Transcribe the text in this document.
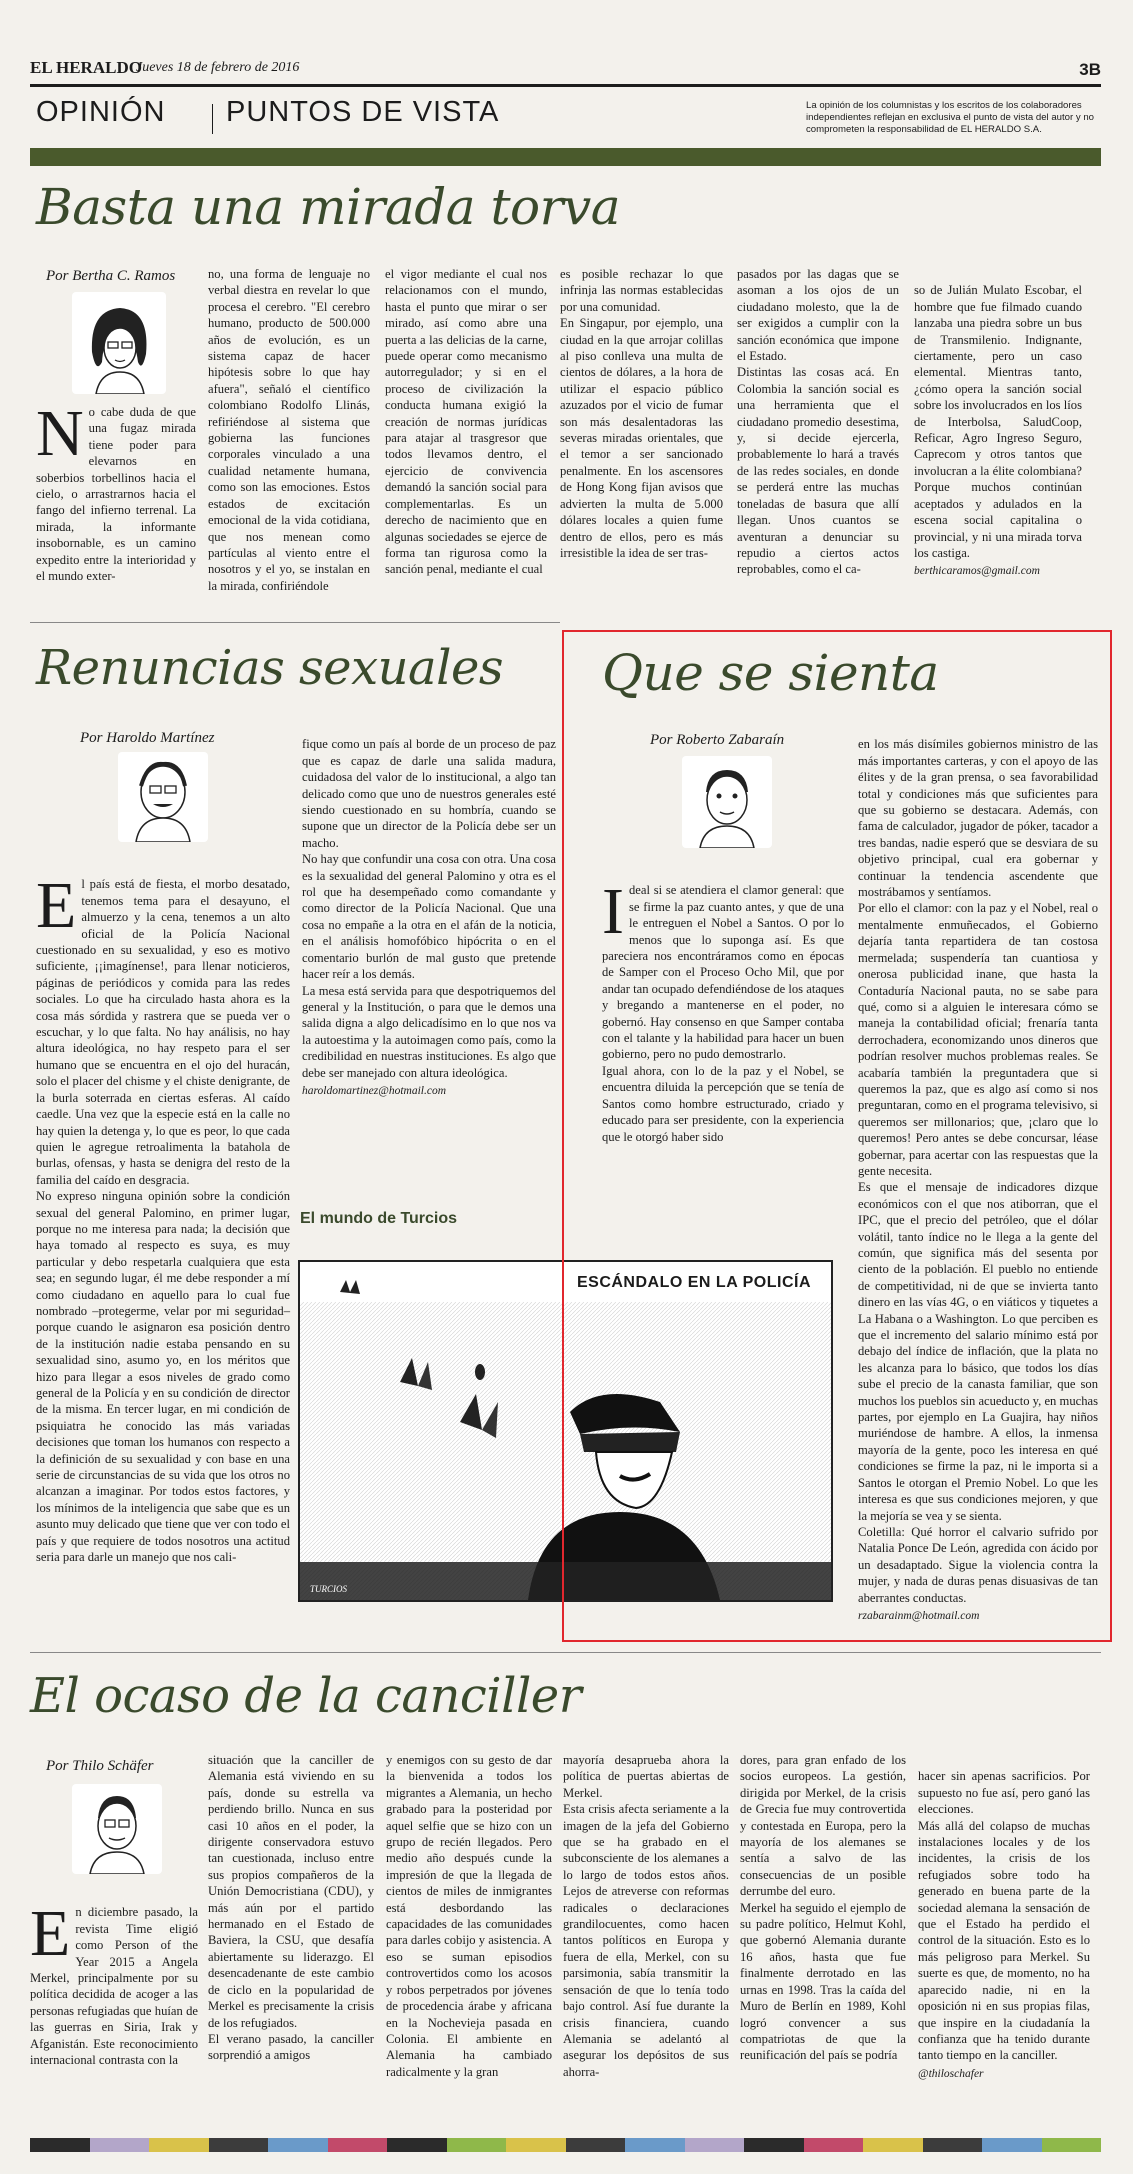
EL HERALDO
Jueves 18 de febrero de 2016	3B
OPINIÓN PUNTOS DE VISTA	La opinión de los columnistas y los escritos de los colaboradores independientes reflejan en exclusiva el punto de vista del autor y no comprometen la responsabilidad de EL HERALDO S.A.
Basta una mirada torva
Por Bertha C. Ramos
No cabe duda de que una fugaz mirada tiene poder para elevarnos en soberbios torbellinos hacia el cielo, o arrastrarnos hacia el fango del infierno terrenal. La mirada, la informante insobornable, es un camino expedito entre la interioridad y el mundo exter-
no, una forma de lenguaje no verbal diestra en revelar lo que procesa el cerebro. "El cerebro humano, producto de 500.000 años de evolución, es un sistema capaz de hacer hipótesis sobre lo que hay afuera", señaló el científico colombiano Rodolfo Llinás, refiriéndose al sistema que gobierna las funciones corporales vinculado a una cualidad netamente humana, como son las emociones. Estos estados de excitación emocional de la vida cotidiana, que nos menean como partículas al viento entre el nosotros y el yo, se instalan en la mirada, confiriéndole
el vigor mediante el cual nos relacionamos con el mundo, hasta el punto que mirar o ser mirado, así como abre una puerta a las delicias de la carne, puede operar como mecanismo autorregulador; y si en el proceso de civilización la conducta humana exigió la creación de normas jurídicas para atajar al trasgresor que todos llevamos dentro, el ejercicio de convivencia demandó la sanción social para complementarlas. Es un derecho de nacimiento que en algunas sociedades se ejerce de forma tan rigurosa como la sanción penal, mediante el cual
es posible rechazar lo que infrinja las normas establecidas por una comunidad.
En Singapur, por ejemplo, una ciudad en la que arrojar colillas al piso conlleva una multa de cientos de dólares, a la hora de utilizar el espacio público azuzados por el vicio de fumar son más desalentadoras las severas miradas orientales, que el temor a ser sancionado penalmente. En los ascensores de Hong Kong fijan avisos que advierten la multa de 5.000 dólares locales a quien fume dentro de ellos, pero es más irresistible la idea de ser tras-
pasados por las dagas que se asoman a los ojos de un ciudadano molesto, que la de ser exigidos a cumplir con la sanción económica que impone el Estado.
Distintas las cosas acá. En Colombia la sanción social es una herramienta que el ciudadano promedio desestima, y, si decide ejercerla, probablemente lo hará a través de las redes sociales, en donde se perderá entre las muchas toneladas de basura que allí llegan. Unos cuantos se aventuran a denunciar su repudio a ciertos actos reprobables, como el ca-

so de Julián Mulato Escobar, el hombre que fue filmado cuando lanzaba una piedra sobre un bus de Transmilenio. Indignante, ciertamente, pero un caso elemental. Mientras tanto, ¿cómo opera la sanción social sobre los involucrados en los líos de Interbolsa, SaludCoop, Reficar, Agro Ingreso Seguro, Caprecom y otros tantos que involucran a la élite colombiana? Porque muchos continúan aceptados y adulados en la escena social capitalina o provincial, y ni una mirada torva los castiga.

berthicaramos@gmail.com

Renuncias sexuales
Por Haroldo Martínez

El país está de fiesta, el morbo desatado, tenemos tema para el desayuno, el almuerzo y la cena, tenemos a un alto oficial de la Policía Nacional cuestionado en su sexualidad, y eso es motivo suficiente, ¡¡imagínense!, para llenar noticieros, páginas de periódicos y comida para las redes sociales. Lo que ha circulado hasta ahora es la cosa más sórdida y rastrera que se pueda ver o escuchar, y lo que falta. No hay análisis, no hay altura ideológica, no hay respeto para el ser humano que se encuentra en el ojo del huracán, solo el placer del chisme y el chiste denigrante, de la burla soterrada en ciertas esferas. Al caído caedle. Una vez que la especie está en la calle no hay quien la detenga y, lo que es peor, lo que cada quien le agregue retroalimenta la batahola de burlas, ofensas, y hasta se denigra del resto de la familia del caído en desgracia.
No expreso ninguna opinión sobre la condición sexual del general Palomino, en primer lugar, porque no me interesa para nada; la decisión que haya tomado al respecto es suya, es muy particular y debo respetarla cualquiera que esta sea; en segundo lugar, él me debe responder a mí como ciudadano en aquello para lo cual fue nombrado –protegerme, velar por mi seguridad– porque cuando le asignaron esa posición dentro de la institución nadie estaba pensando en su sexualidad sino, asumo yo, en los méritos que hizo para llegar a esos niveles de grado como general de la Policía y en su condición de director de la misma. En tercer lugar, en mi condición de psiquiatra he conocido las más variadas decisiones que toman los humanos con respecto a la definición de su sexualidad y con base en una serie de circunstancias de su vida que los otros no alcanzan a imaginar. Por todos estos factores, y los mínimos de la inteligencia que sabe que es un asunto muy delicado que tiene que ver con todo el país y que requiere de todos nosotros una actitud seria para darle un manejo que nos cali-

fique como un país al borde de un proceso de paz que es capaz de darle una salida madura, cuidadosa del valor de lo institucional, a algo tan delicado como que uno de nuestros generales esté siendo cuestionado en su hombría, cuando se supone que un director de la Policía debe ser un macho.
No hay que confundir una cosa con otra. Una cosa es la sexualidad del general Palomino y otra es el rol que ha desempeñado como comandante y como director de la Policía Nacional. Que una cosa no empañe a la otra en el afán de la noticia, en el análisis homofóbico hipócrita o en el comentario burlón de mal gusto que pretende hacer reír a los demás.
La mesa está servida para que despotriquemos del general y la Institución, o para que le demos una salida digna a algo delicadísimo en lo que nos va la autoestima y la autoimagen como país, como la credibilidad en nuestras instituciones. Es algo que debe ser manejado con altura ideológica.

haroldomartinez@hotmail.com

El mundo de Turcios
ESCÁNDALO EN LA POLICÍA
TURCIOS
Que se sienta
Por Roberto Zabaraín

Ideal si se atendiera el clamor general: que se firme la paz cuanto antes, y que de una le entreguen el Nobel a Santos. O por lo menos que lo suponga así. Es que pareciera nos encontráramos como en épocas de Samper con el Proceso Ocho Mil, que por andar tan ocupado defendiéndose de los ataques y bregando a mantenerse en el poder, no gobernó. Hay consenso en que Samper contaba con el talante y la habilidad para hacer un buen gobierno, pero no pudo demostrarlo.
Igual ahora, con lo de la paz y el Nobel, se encuentra diluida la percepción que se tenía de Santos como hombre estructurado, criado y educado para ser presidente, con la experiencia que le otorgó haber sido

en los más disímiles gobiernos ministro de las más importantes carteras, y con el apoyo de las élites y de la gran prensa, o sea favorabilidad total y condiciones más que suficientes para que su gobierno se destacara. Además, con fama de calculador, jugador de póker, tacador a tres bandas, nadie esperó que se desviara de su objetivo principal, cual era gobernar y continuar la tendencia ascendente que mostrábamos y sentíamos.
Por ello el clamor: con la paz y el Nobel, real o mentalmente enmuñecados, el Gobierno dejaría tanta repartidera de tan costosa mermelada; suspendería tan cuantiosa y onerosa publicidad inane, que hasta la Contaduría Nacional pauta, no se sabe para qué, como si a alguien le interesara cómo se maneja la contabilidad oficial; frenaría tanta derrochadera, economizando unos dineros que podrían resolver muchos problemas reales. Se acabaría también la preguntadera que si queremos la paz, que es algo así como si nos preguntaran, como en el programa televisivo, si queremos ser millonarios; que, ¡claro que lo queremos! Pero antes se debe concursar, léase gobernar, para acertar con las respuestas que la gente necesita.
Es que el mensaje de indicadores dizque económicos con el que nos atiborran, que el IPC, que el precio del petróleo, que el dólar volátil, tanto índice no le llega a la gente del común, que significa más del sesenta por ciento de la población. El pueblo no entiende de competitividad, ni de que se invierta tanto dinero en las vías 4G, o en viáticos y tiquetes a La Habana o a Washington. Lo que perciben es que el incremento del salario mínimo está por debajo del índice de inflación, que la plata no les alcanza para lo básico, que todos los días sube el precio de la canasta familiar, que son muchos los pueblos sin acueducto y, en muchas partes, por ejemplo en La Guajira, hay niños muriéndose de hambre. A ellos, la inmensa mayoría de la gente, poco les interesa en qué condiciones se firme la paz, ni le importa si a Santos le otorgan el Premio Nobel. Lo que les interesa es que sus condiciones mejoren, y que la mejoría se vea y se sienta.
Coletilla: Qué horror el calvario sufrido por Natalia Ponce De León, agredida con ácido por un desadaptado. Sigue la violencia contra la mujer, y nada de duras penas disuasivas de tan aberrantes conductas.

rzabarainm@hotmail.com

El ocaso de la canciller
Por Thilo Schäfer

En diciembre pasado, la revista Time eligió como Person of the Year 2015 a Angela Merkel, principalmente por su política decidida de acoger a las personas refugiadas que huían de las guerras en Siria, Irak y Afganistán. Este reconocimiento internacional contrasta con la

situación que la canciller de Alemania está viviendo en su país, donde su estrella va perdiendo brillo. Nunca en sus casi 10 años en el poder, la dirigente conservadora estuvo tan cuestionada, incluso entre sus propios compañeros de la Unión Democristiana (CDU), y más aún por el partido hermanado en el Estado de Baviera, la CSU, que desafía abiertamente su liderazgo. El desencadenante de este cambio de ciclo en la popularidad de Merkel es precisamente la crisis de los refugiados.
El verano pasado, la canciller sorprendió a amigos
y enemigos con su gesto de dar la bienvenida a todos los migrantes a Alemania, un hecho grabado para la posteridad por aquel selfie que se hizo con un grupo de recién llegados. Pero medio año después cunde la impresión de que la llegada de cientos de miles de inmigrantes está desbordando las capacidades de las comunidades para darles cobijo y asistencia. A eso se suman episodios controvertidos como los acosos y robos perpetrados por jóvenes de procedencia árabe y africana en la Nochevieja pasada en Colonia. El ambiente en Alemania ha cambiado radicalmente y la gran
mayoría desaprueba ahora la política de puertas abiertas de Merkel.
Esta crisis afecta seriamente a la imagen de la jefa del Gobierno que se ha grabado en el subconsciente de los alemanes a lo largo de todos estos años. Lejos de atreverse con reformas radicales o declaraciones grandilocuentes, como hacen tantos políticos en Europa y fuera de ella, Merkel, con su parsimonia, sabía transmitir la sensación de que lo tenía todo bajo control. Así fue durante la crisis financiera, cuando Alemania se adelantó al asegurar los depósitos de sus ahorra-
dores, para gran enfado de los socios europeos. La gestión, dirigida por Merkel, de la crisis de Grecia fue muy controvertida y contestada en Europa, pero la mayoría de los alemanes se sentía a salvo de las consecuencias de un posible derrumbe del euro.
Merkel ha seguido el ejemplo de su padre político, Helmut Kohl, que gobernó Alemania durante 16 años, hasta que fue finalmente derrotado en las urnas en 1998. Tras la caída del Muro de Berlín en 1989, Kohl logró convencer a sus compatriotas de que la reunificación del país se podría

hacer sin apenas sacrificios. Por supuesto no fue así, pero ganó las elecciones.
Más allá del colapso de muchas instalaciones locales y de los incidentes, la crisis de los refugiados sobre todo ha generado en buena parte de la sociedad alemana la sensación de que el Estado ha perdido el control de la situación. Esto es lo más peligroso para Merkel. Su suerte es que, de momento, no ha aparecido nadie, ni en la oposición ni en sus propias filas, que inspire en la ciudadanía la confianza que ha tenido durante tanto tiempo en la canciller.

@thiloschafer
